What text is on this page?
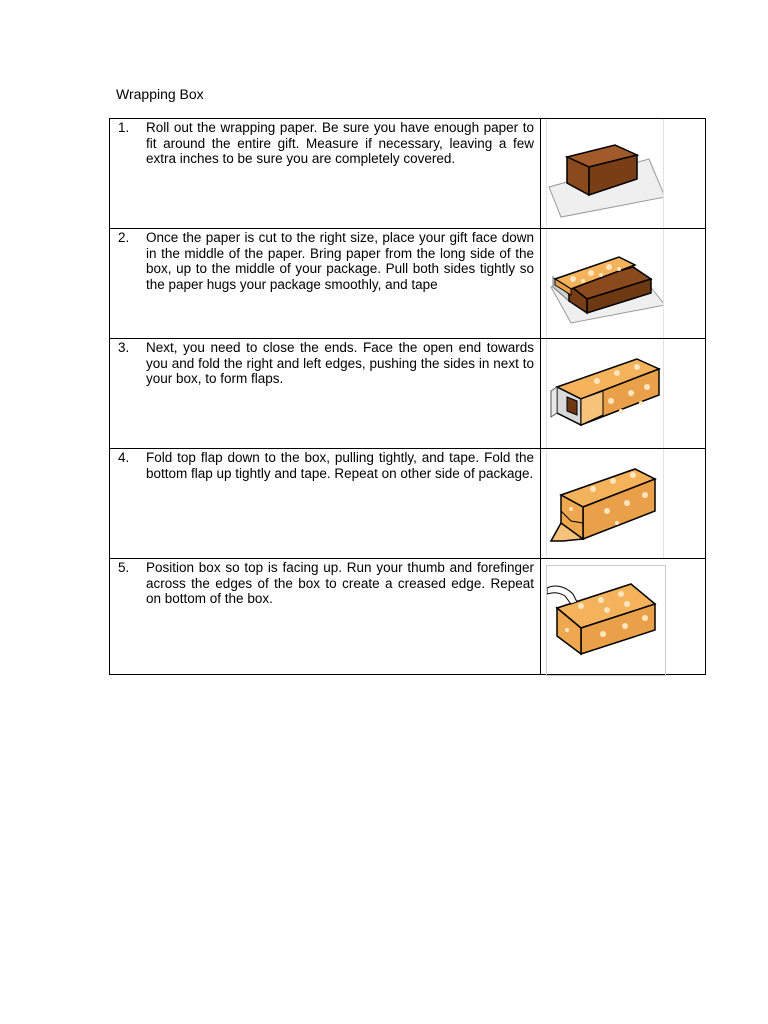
Wrapping Box
1. Roll out the wrapping paper. Be sure you have enough paper to fit around the entire gift. Measure if necessary, leaving a few extra inches to be sure you are completely covered.

2. Once the paper is cut to the right size, place your gift face down in the middle of the paper. Bring paper from the long side of the box, up to the middle of your package. Pull both sides tightly so the paper hugs your package smoothly, and tape

3. Next, you need to close the ends. Face the open end towards you and fold the right and left edges, pushing the sides in next to your box, to form flaps.

4. Fold top flap down to the box, pulling tightly, and tape. Fold the bottom flap up tightly and tape. Repeat on other side of package.

5. Position box so top is facing up. Run your thumb and forefinger across the edges of the box to create a creased edge. Repeat on bottom of the box.
